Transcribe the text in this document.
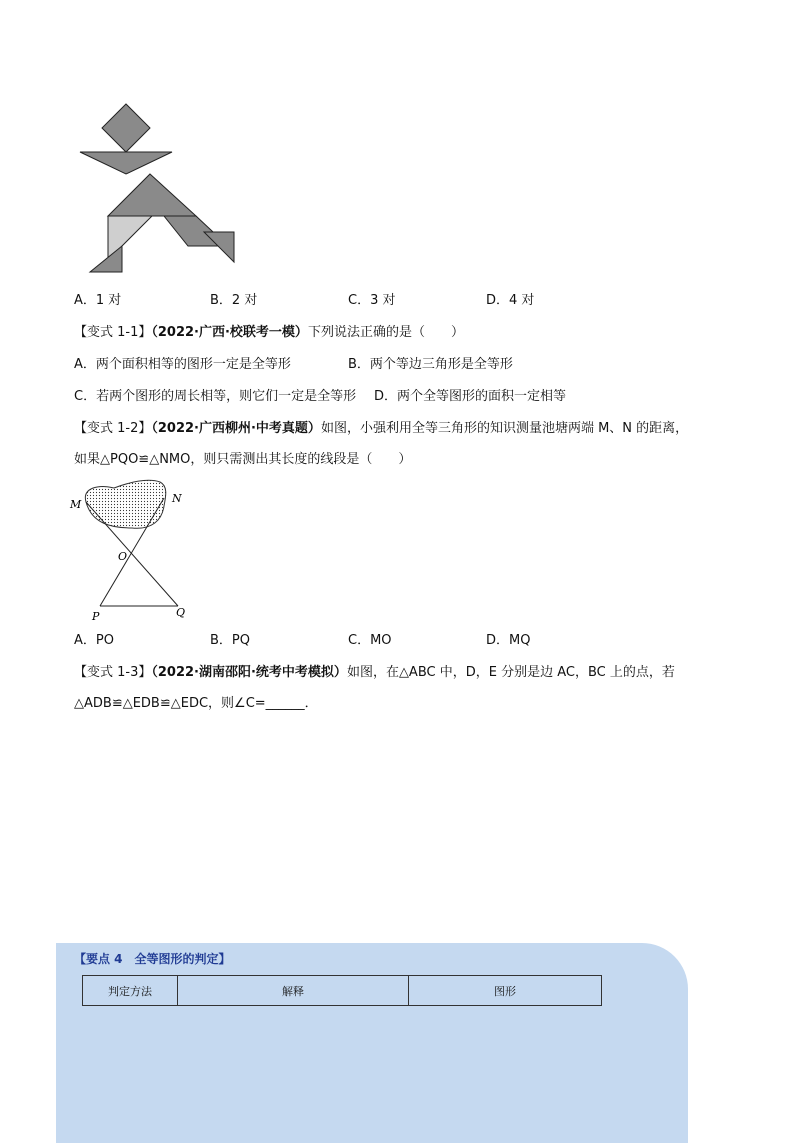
A．1 对	B．2 对	C．3 对	D．4 对
【变式 1-1】（2022·广西·校联考一模）下列说法正确的是（　　）
A．两个面积相等的图形一定是全等形	B．两个等边三角形是全等形
C．若两个图形的周长相等，则它们一定是全等形 D．两个全等图形的面积一定相等
【变式 1-2】（2022·广西柳州·中考真题）如图，小强利用全等三角形的知识测量池塘两端 M、N 的距离，
如果△PQO≌△NMO，则只需测出其长度的线段是（　　）
M	N
O
P	Q
A．PO	B．PQ	C．MO	D．MQ
【变式 1-3】（2022·湖南邵阳·统考中考模拟）如图，在△ABC 中，D，E 分别是边 AC，BC 上的点，若
△ADB≌△EDB≌△EDC，则∠C=______．
【要点 4　全等图形的判定】
判定方法	解释	图形
